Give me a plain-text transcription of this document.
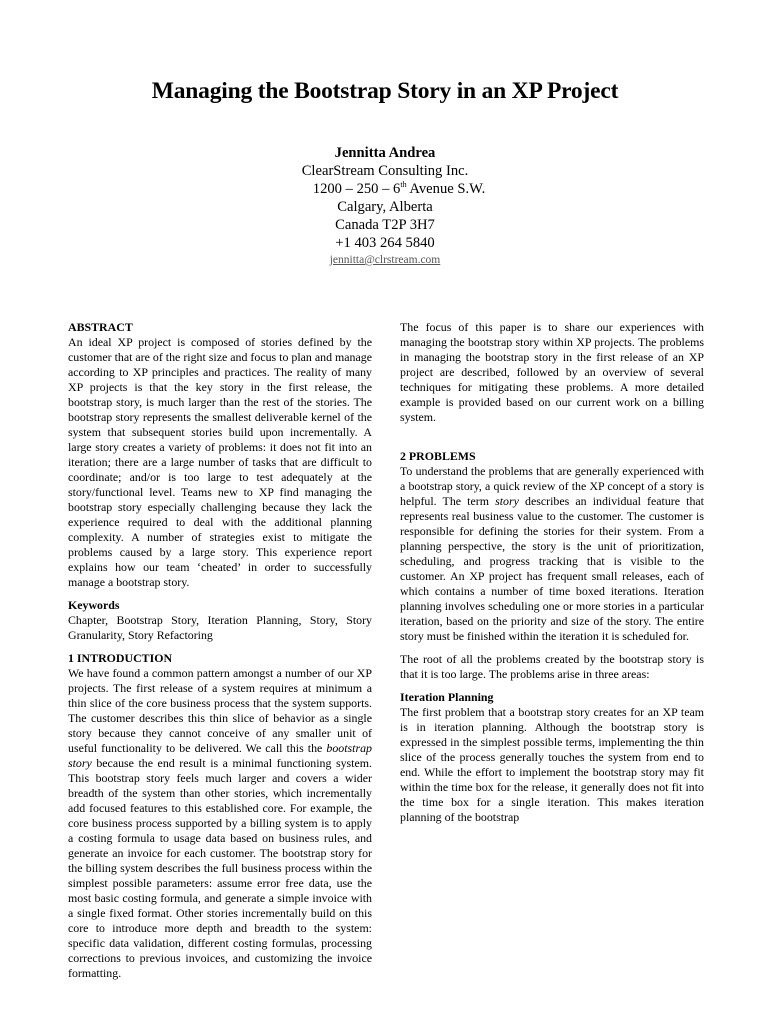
Managing the Bootstrap Story in an XP Project
Jennitta Andrea
ClearStream Consulting Inc.
1200 – 250 – 6th Avenue S.W.
Calgary, Alberta
Canada T2P 3H7
+1 403 264 5840
jennitta@clrstream.com
ABSTRACT

An ideal XP project is composed of stories defined by the customer that are of the right size and focus to plan and manage according to XP principles and practices. The reality of many XP projects is that the key story in the first release, the bootstrap story, is much larger than the rest of the stories. The bootstrap story represents the smallest deliverable kernel of the system that subsequent stories build upon incrementally. A large story creates a variety of problems: it does not fit into an iteration; there are a large number of tasks that are difficult to coordinate; and/or is too large to test adequately at the story/functional level. Teams new to XP find managing the bootstrap story especially challenging because they lack the experience required to deal with the additional planning complexity. A number of strategies exist to mitigate the problems caused by a large story. This experience report explains how our team ‘cheated’ in order to successfully manage a bootstrap story.

Keywords

Chapter, Bootstrap Story, Iteration Planning, Story, Story Granularity, Story Refactoring

1 INTRODUCTION

We have found a common pattern amongst a number of our XP projects. The first release of a system requires at minimum a thin slice of the core business process that the system supports. The customer describes this thin slice of behavior as a single story because they cannot conceive of any smaller unit of useful functionality to be delivered. We call this the bootstrap story because the end result is a minimal functioning system. This bootstrap story feels much larger and covers a wider breadth of the system than other stories, which incrementally add focused features to this established core. For example, the core business process supported by a billing system is to apply a costing formula to usage data based on business rules, and generate an invoice for each customer. The bootstrap story for the billing system describes the full business process within the simplest possible parameters: assume error free data, use the most basic costing formula, and generate a simple invoice with a single fixed format. Other stories incrementally build on this core to introduce more depth and breadth to the system: specific data validation, different costing formulas, processing corrections to previous invoices, and customizing the invoice formatting.

The focus of this paper is to share our experiences with managing the bootstrap story within XP projects. The problems in managing the bootstrap story in the first release of an XP project are described, followed by an overview of several techniques for mitigating these problems. A more detailed example is provided based on our current work on a billing system.

2 PROBLEMS

To understand the problems that are generally experienced with a bootstrap story, a quick review of the XP concept of a story is helpful. The term story describes an individual feature that represents real business value to the customer. The customer is responsible for defining the stories for their system. From a planning perspective, the story is the unit of prioritization, scheduling, and progress tracking that is visible to the customer. An XP project has frequent small releases, each of which contains a number of time boxed iterations. Iteration planning involves scheduling one or more stories in a particular iteration, based on the priority and size of the story. The entire story must be finished within the iteration it is scheduled for.

The root of all the problems created by the bootstrap story is that it is too large. The problems arise in three areas:

Iteration Planning

The first problem that a bootstrap story creates for an XP team is in iteration planning. Although the bootstrap story is expressed in the simplest possible terms, implementing the thin slice of the process generally touches the system from end to end. While the effort to implement the bootstrap story may fit within the time box for the release, it generally does not fit into the time box for a single iteration. This makes iteration planning of the bootstrap
